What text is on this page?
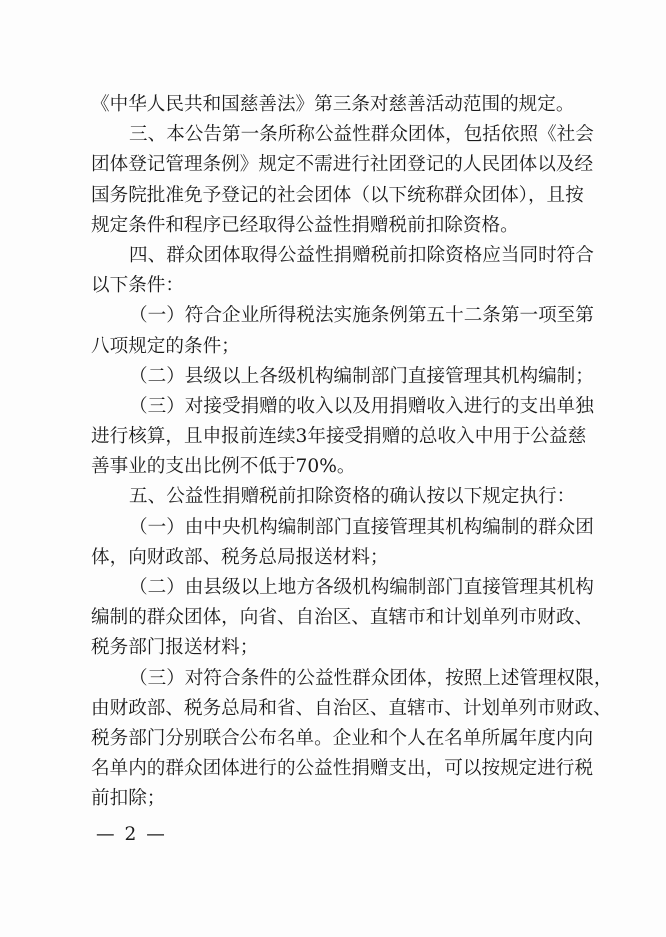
《中华人民共和国慈善法》第三条对慈善活动范围的规定。
三、本公告第一条所称公益性群众团体，包括依照《社会
团体登记管理条例》规定不需进行社团登记的人民团体以及经
国务院批准免予登记的社会团体（以下统称群众团体），且按
规定条件和程序已经取得公益性捐赠税前扣除资格。
四、群众团体取得公益性捐赠税前扣除资格应当同时符合
以下条件：
（一）符合企业所得税法实施条例第五十二条第一项至第
八项规定的条件；
（二）县级以上各级机构编制部门直接管理其机构编制；
（三）对接受捐赠的收入以及用捐赠收入进行的支出单独
进行核算，且申报前连续3年接受捐赠的总收入中用于公益慈
善事业的支出比例不低于70%。
五、公益性捐赠税前扣除资格的确认按以下规定执行：
（一）由中央机构编制部门直接管理其机构编制的群众团
体，向财政部、税务总局报送材料；
（二）由县级以上地方各级机构编制部门直接管理其机构
编制的群众团体，向省、自治区、直辖市和计划单列市财政、
税务部门报送材料；
（三）对符合条件的公益性群众团体，按照上述管理权限，
由财政部、税务总局和省、自治区、直辖市、计划单列市财政、
税务部门分别联合公布名单。企业和个人在名单所属年度内向
名单内的群众团体进行的公益性捐赠支出，可以按规定进行税
前扣除；
— 2 —
